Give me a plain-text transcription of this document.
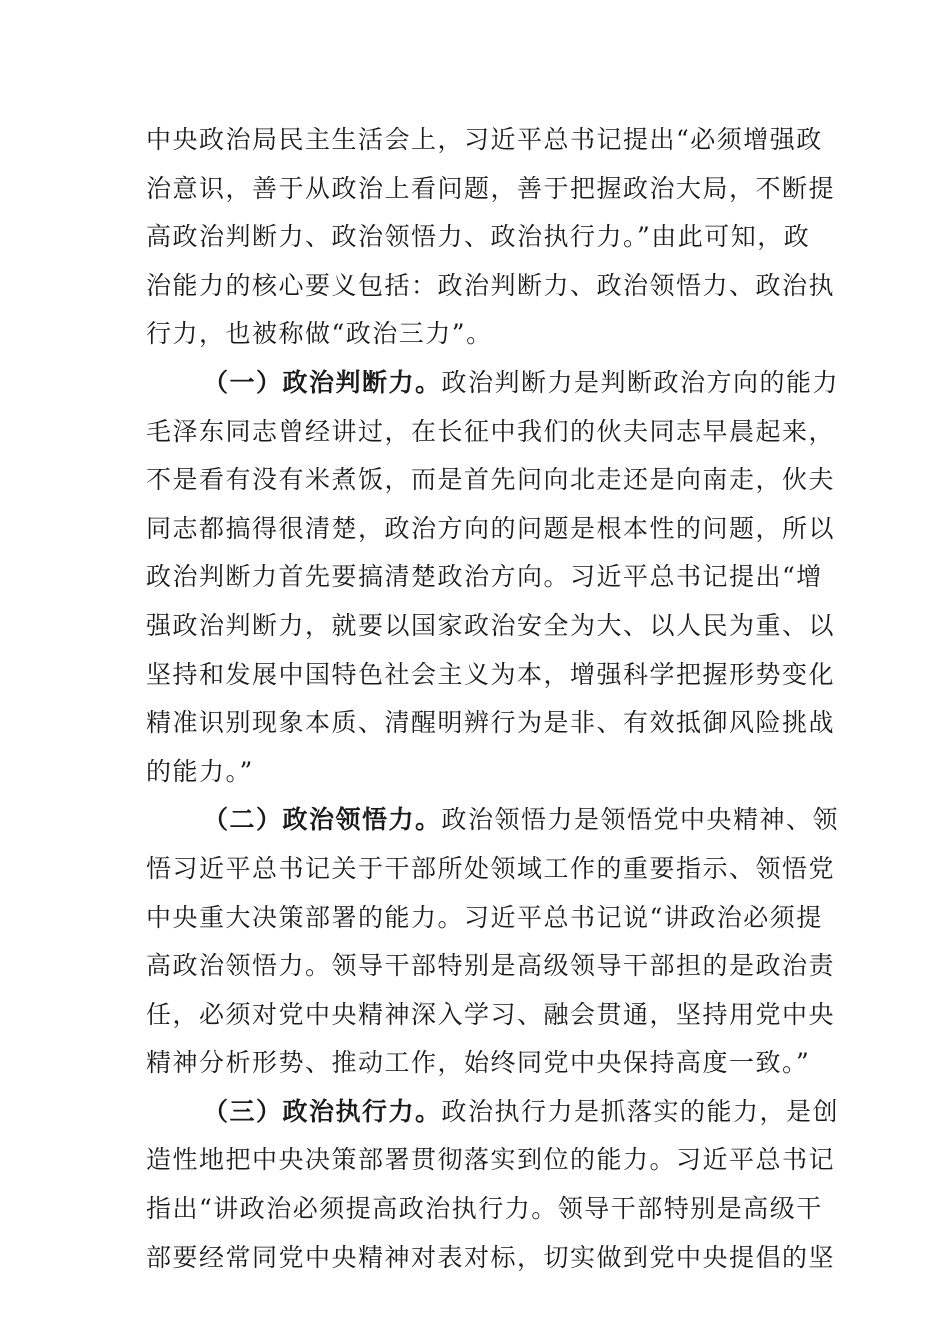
中央政治局民主生活会上，习近平总书记提出“必须增强政
治意识，善于从政治上看问题，善于把握政治大局，不断提
高政治判断力、政治领悟力、政治执行力。”由此可知，政
治能力的核心要义包括：政治判断力、政治领悟力、政治执
行力，也被称做“政治三力”。
（一）政治判断力。政治判断力是判断政治方向的能力
毛泽东同志曾经讲过，在长征中我们的伙夫同志早晨起来，
不是看有没有米煮饭，而是首先问向北走还是向南走，伙夫
同志都搞得很清楚，政治方向的问题是根本性的问题，所以
政治判断力首先要搞清楚政治方向。习近平总书记提出“增
强政治判断力，就要以国家政治安全为大、以人民为重、以
坚持和发展中国特色社会主义为本，增强科学把握形势变化
精准识别现象本质、清醒明辨行为是非、有效抵御风险挑战
的能力。”
（二）政治领悟力。政治领悟力是领悟党中央精神、领
悟习近平总书记关于干部所处领域工作的重要指示、领悟党
中央重大决策部署的能力。习近平总书记说“讲政治必须提
高政治领悟力。领导干部特别是高级领导干部担的是政治责
任，必须对党中央精神深入学习、融会贯通，坚持用党中央
精神分析形势、推动工作，始终同党中央保持高度一致。”
（三）政治执行力。政治执行力是抓落实的能力，是创
造性地把中央决策部署贯彻落实到位的能力。习近平总书记
指出“讲政治必须提高政治执行力。领导干部特别是高级干
部要经常同党中央精神对表对标，切实做到党中央提倡的坚
